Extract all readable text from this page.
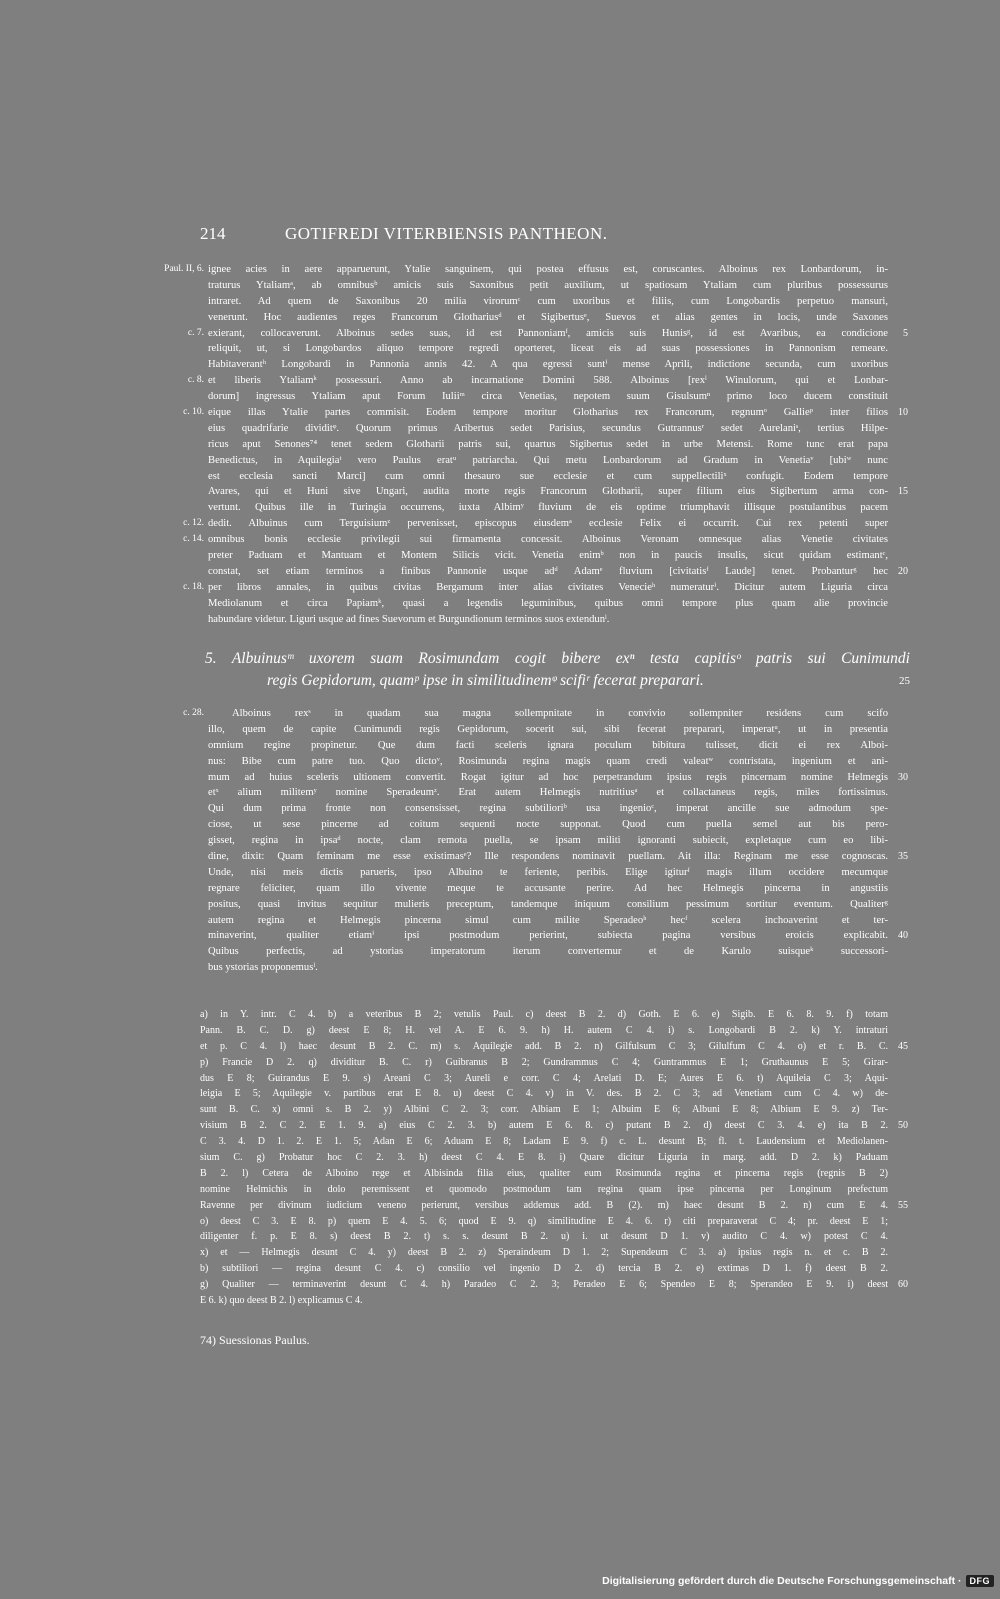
214	GOTIFREDI VITERBIENSIS PANTHEON.
Paul. II, 6. ignee acies in aere apparuerunt, Ytalie sanguinem, qui postea effusus est, coruscantes. Alboinus rex Lonbardorum, in-
traturus Ytaliamᵃ, ab omnibusᵇ amicis suis Saxonibus petit auxilium, ut spatiosam Ytaliam cum pluribus possessurus
intraret. Ad quem de Saxonibus 20 milia virorumᶜ cum uxoribus et filiis, cum Longobardis perpetuo mansuri,
venerunt. Hoc audientes reges Francorum Glothariusᵈ et Sigibertusᵉ, Suevos et alias gentes in locis, unde Saxones
c. 7. exierant, collocaverunt. Alboinus sedes suas, id est Pannoniamᶠ, amicis suis Hunisᵍ, id est Avaribus, ea condicione	5
reliquit, ut, si Longobardos aliquo tempore regredi oporteret, liceat eis ad suas possessiones in Pannonism remeare.
Habitaverantʰ Longobardi in Pannonia annis 42. A qua egressi suntⁱ mense Aprili, indictione secunda, cum uxoribus
c. 8. et liberis Ytaliamᵏ possessuri. Anno ab incarnatione Domini 588. Alboinus [rexˡ Winulorum, qui et Lonbar-
dorum] ingressus Ytaliam aput Forum Iuliiᵐ circa Venetias, nepotem suum Gisulsumⁿ primo loco ducem constituit
c. 10. eique illas Ytalie partes commisit. Eodem tempore moritur Glotharius rex Francorum, regnumᵒ Gallieᵖ inter filios	10
eius quadrifarie dividitᵠ. Quorum primus Aribertus sedet Parisius, secundus Gutrannusʳ sedet Aurelaniˢ, tertius Hilpe-
ricus aput Senones⁷⁴ tenet sedem Glotharii patris sui, quartus Sigibertus sedet in urbe Metensi. Rome tunc erat papa
Benedictus, in Aquilegiaᵗ vero Paulus eratᵘ patriarcha. Qui metu Lonbardorum ad Gradum in Venetiaᵛ [ubiʷ nunc
est ecclesia sancti Marci] cum omni thesauro sue ecclesie et cum suppellectiliˣ confugit. Eodem tempore
Avares, qui et Huni sive Ungari, audita morte regis Francorum Glotharii, super filium eius Sigibertum arma con-	15
vertunt. Quibus ille in Turingia occurrens, iuxta Albimʸ fluvium de eis optime triumphavit illisque postulantibus pacem
c. 12. dedit. Albuinus cum Terguisiumᶻ pervenisset, episcopus eiusdemᵃ ecclesie Felix ei occurrit. Cui rex petenti super
c. 14. omnibus bonis ecclesie privilegii sui firmamenta concessit. Alboinus Veronam omnesque alias Venetie civitates
preter Paduam et Mantuam et Montem Silicis vicit. Venetia enimᵇ non in paucis insulis, sicut quidam estimantᶜ,
constat, set etiam terminos a finibus Pannonie usque adᵈ Adamᵉ fluvium [civitatisᶠ Laude] tenet. Probanturᵍ hec	20
c. 18. per libros annales, in quibus civitas Bergamum inter alias civitates Venecieʰ numeraturⁱ. Dicitur autem Liguria circa
Mediolanum et circa Papiamᵏ, quasi a legendis leguminibus, quibus omni tempore plus quam alie provincie
habundare videtur. Liguri usque ad fines Suevorum et Burgundionum terminos suos extendunˡ.
5. Albuinusᵐ uxorem suam Rosimundam cogit bibere exⁿ testa capitisᵒ patris sui Cunimundi
regis Gepidorum, quamᵖ ipse in similitudinemᵠ scifiʳ fecerat preparari.	25
c. 28.	Alboinus rexˢ in quadam sua magna sollempnitate in convivio sollempniter residens cum scifo
illo, quem de capite Cunimundi regis Gepidorum, socerit sui, sibi fecerat preparari, imperatᵘ, ut in presentia
omnium regine propinetur. Que dum facti sceleris ignara poculum bibitura tulisset, dicit ei rex Alboi-
nus: Bibe cum patre tuo. Quo dictoᵛ, Rosimunda regina magis quam credi valeatʷ contristata, ingenium et ani-
mum ad huius sceleris ultionem convertit. Rogat igitur ad hoc perpetrandum ipsius regis pincernam nomine Helmegis	30
etˣ alium militemʸ nomine Speradeumᶻ. Erat autem Helmegis nutritiusᵃ et collactaneus regis, miles fortissimus.
Qui dum prima fronte non consensisset, regina subtilioriᵇ usa ingenioᶜ, imperat ancille sue admodum spe-
ciose, ut sese pincerne ad coitum sequenti nocte supponat. Quod cum puella semel aut bis pero-
gisset, regina in ipsaᵈ nocte, clam remota puella, se ipsam militi ignoranti subiecit, expletaque cum eo libi-
dine, dixit: Quam feminam me esse existimasᵉ? Ille respondens nominavit puellam. Ait illa: Reginam me esse cognoscas.	35
Unde, nisi meis dictis parueris, ipso Albuino te feriente, peribis. Elige igiturᶠ magis illum occidere mecumque
regnare feliciter, quam illo vivente meque te accusante perire. Ad hec Helmegis pincerna in angustiis
positus, quasi invitus sequitur mulieris preceptum, tandemque iniquum consilium pessimum sortitur eventum. Qualiterᵍ
autem regina et Helmegis pincerna simul cum milite Speradeoʰ hecᶠ scelera inchoaverint et ter-
minaverint, qualiter etiamⁱ ipsi postmodum perierint, subiecta pagina versibus eroicis explicabit.	40
Quibus perfectis, ad ystorias imperatorum iterum convertemur et de Karulo suisqueᵏ successori-
bus ystorias proponemusˡ.
a) in Y. intr. C 4. b) a veteribus B 2; vetulis Paul. c) deest B 2. d) Goth. E 6. e) Sigib. E 6. 8. 9. f) totam
Pann. B. C. D. g) deest E 8; H. vel A. E 6. 9. h) H. autem C 4. i) s. Longobardi B 2. k) Y. intraturi
et p. C 4. l) haec desunt B 2. C. m) s. Aquilegie add. B 2. n) Gilfulsum C 3; Gilulfum C 4. o) et r. B. C.	45
p) Francie D 2. q) dividitur B. C. r) Guibranus B 2; Gundrammus C 4; Guntrammus E 1; Gruthaunus E 5; Girar-
dus E 8; Guirandus E 9. s) Areani C 3; Aureli e corr. C 4; Arelati D. E; Aures E 6. t) Aquileia C 3; Aqui-
leigia E 5; Aquilegie v. partibus erat E 8. u) deest C 4. v) in V. des. B 2. C 3; ad Venetiam cum C 4. w) de-
sunt B. C. x) omni s. B 2. y) Albini C 2. 3; corr. Albiam E 1; Albuim E 6; Albuni E 8; Albium E 9. z) Ter-
visium B 2. C 2. E 1. 9. a) eius C 2. 3. b) autem E 6. 8. c) putant B 2. d) deest C 3. 4. e) ita B 2.	50
C 3. 4. D 1. 2. E 1. 5; Adan E 6; Aduam E 8; Ladam E 9. f) c. L. desunt B; fl. t. Laudensium et Mediolanen-
sium C. g) Probatur hoc C 2. 3. h) deest C 4. E 8. i) Quare dicitur Liguria in marg. add. D 2. k) Paduam
B 2. l) Cetera de Alboino rege et Albisinda filia eius, qualiter eum Rosimunda regina et pincerna regis (regnis B 2)
nomine Helmichis in dolo peremissent et quomodo postmodum tam regina quam ipse pincerna per Longinum prefectum
Ravenne per divinum iudicium veneno perierunt, versibus addemus add. B (2). m) haec desunt B 2. n) cum E 4.	55
o) deest C 3. E 8. p) quem E 4. 5. 6; quod E 9. q) similitudine E 4. 6. r) citi preparaverat C 4; pr. deest E 1;
diligenter f. p. E 8. s) deest B 2. t) s. s. desunt B 2. u) i. ut desunt D 1. v) audito C 4. w) potest C 4.
x) et — Helmegis desunt C 4. y) deest B 2. z) Speraindeum D 1. 2; Supendeum C 3. a) ipsius regis n. et c. B 2.
b) subtiliori — regina desunt C 4. c) consilio vel ingenio D 2. d) tercia B 2. e) extimas D 1. f) deest B 2.
g) Qualiter — terminaverint desunt C 4. h) Paradeo C 2. 3; Peradeo E 6; Spendeo E 8; Sperandeo E 9. i) deest	60
E 6. k) quo deest B 2. l) explicamus C 4.
74) Suessionas Paulus.
Digitalisierung gefördert durch die Deutsche Forschungsgemeinschaft · DFG
